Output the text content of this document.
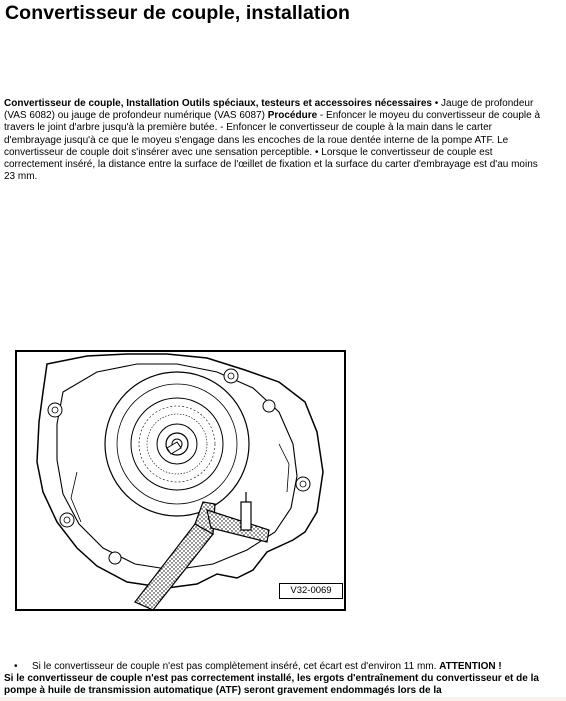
Convertisseur de couple, installation

Convertisseur de couple, Installation Outils spéciaux, testeurs et accessoires nécessaires • Jauge de profondeur (VAS 6082) ou jauge de profondeur numérique (VAS 6087) Procédure - Enfoncer le moyeu du convertisseur de couple à travers le joint d'arbre jusqu'à la première butée. - Enfoncer le convertisseur de couple à la main dans le carter d'embrayage jusqu'à ce que le moyeu s'engage dans les encoches de la roue dentée interne de la pompe ATF. Le convertisseur de couple doit s'insérer avec une sensation perceptible. • Lorsque le convertisseur de couple est correctement inséré, la distance entre la surface de l'œillet de fixation et la surface du carter d'embrayage est d'au moins 23 mm.

V32-0069
• Si le convertisseur de couple n'est pas complètement inséré, cet écart est d'environ 11 mm. ATTENTION !
Si le convertisseur de couple n'est pas correctement installé, les ergots d'entraînement du convertisseur et de la pompe à huile de transmission automatique (ATF) seront gravement endommagés lors de la
